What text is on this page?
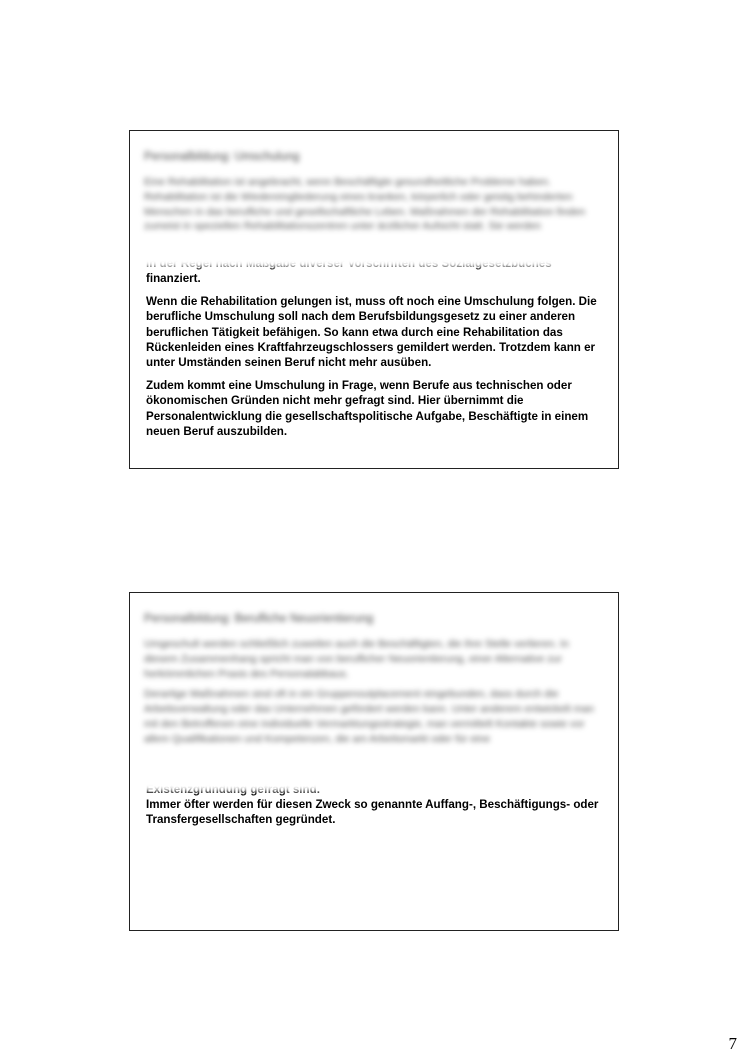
Personalbildung: Umschulung

Eine Rehabilitation ist angebracht, wenn Beschäftigte gesundheitliche Probleme haben. Rehabilitation ist die Wiedereingliederung eines kranken, körperlich oder geistig behinderten Menschen in das berufliche und gesellschaftliche Leben. Maßnahmen der Rehabilitation finden zumeist in speziellen Rehabilitationszentren unter ärztlicher Aufsicht statt. Sie werden

finanziert.

Wenn die Rehabilitation gelungen ist, muss oft noch eine Umschulung folgen. Die berufliche Umschulung soll nach dem Berufsbildungsgesetz zu einer anderen beruflichen Tätigkeit befähigen. So kann etwa durch eine Rehabilitation das Rückenleiden eines Kraftfahrzeugschlossers gemildert werden. Trotzdem kann er unter Umständen seinen Beruf nicht mehr ausüben.

Zudem kommt eine Umschulung in Frage, wenn Berufe aus technischen oder ökonomischen Gründen nicht mehr gefragt sind. Hier übernimmt die Personalentwicklung die gesellschaftspolitische Aufgabe, Beschäftigte in einem neuen Beruf auszubilden.

Personalbildung: Berufliche Neuorientierung

Umgeschult werden schließlich zuweilen auch die Beschäftigten, die ihre Stelle verlieren. In diesem Zusammenhang spricht man von beruflicher Neuorientierung, einer Alternative zur herkömmlichen Praxis des Personalabbaus.

Derartige Maßnahmen sind oft in ein Gruppenoutplacement eingebunden, dass durch die Arbeitsverwaltung oder das Unternehmen gefördert werden kann. Unter anderem entwickelt man mit den Betroffenen eine individuelle Vermarktungsstrategie, man vermittelt Kontakte sowie vor allem Qualifikationen und Kompetenzen, die am Arbeitsmarkt oder für eine

Immer öfter werden für diesen Zweck so genannte Auffang-, Beschäftigungs- oder Transfergesellschaften gegründet.

7
